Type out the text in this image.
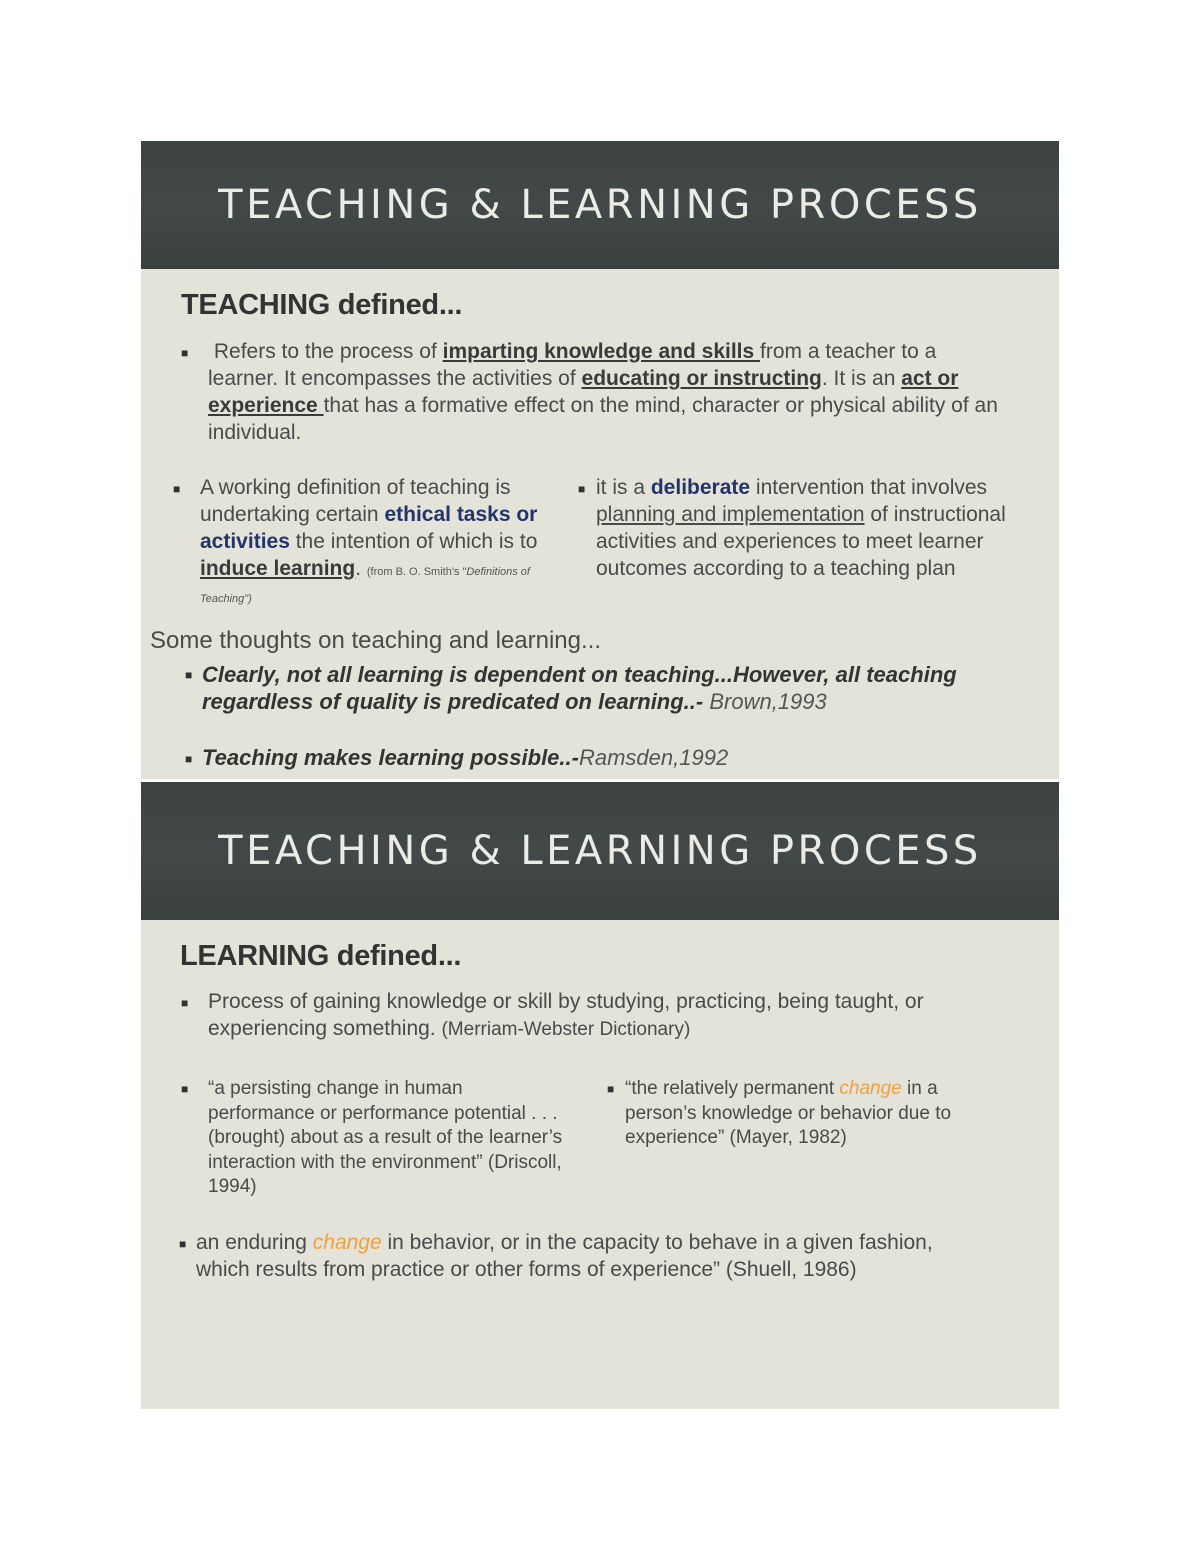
TEACHING & LEARNING PROCESS
TEACHING defined...
■ Refers to the process of imparting knowledge and skills from a teacher to a learner. It encompasses the activities of educating or instructing. It is an act or experience that has a formative effect on the mind, character or physical ability of an individual.
■ A working definition of teaching is undertaking certain ethical tasks or activities the intention of which is to induce learning. (from B. O. Smith's "Definitions of Teaching")
■ it is a deliberate intervention that involves planning and implementation of instructional activities and experiences to meet learner outcomes according to a teaching plan
Some thoughts on teaching and learning...
■ Clearly, not all learning is dependent on teaching...However, all teaching regardless of quality is predicated on learning..- Brown,1993
■ Teaching makes learning possible..-Ramsden,1992
TEACHING & LEARNING PROCESS
LEARNING defined...
■ Process of gaining knowledge or skill by studying, practicing, being taught, or experiencing something. (Merriam-Webster Dictionary)
■ “a persisting change in human performance or performance potential . . . (brought) about as a result of the learner’s interaction with the environment” (Driscoll, 1994)
■ “the relatively permanent change in a person’s knowledge or behavior due to experience” (Mayer, 1982)
■ an enduring change in behavior, or in the capacity to behave in a given fashion, which results from practice or other forms of experience” (Shuell, 1986)
